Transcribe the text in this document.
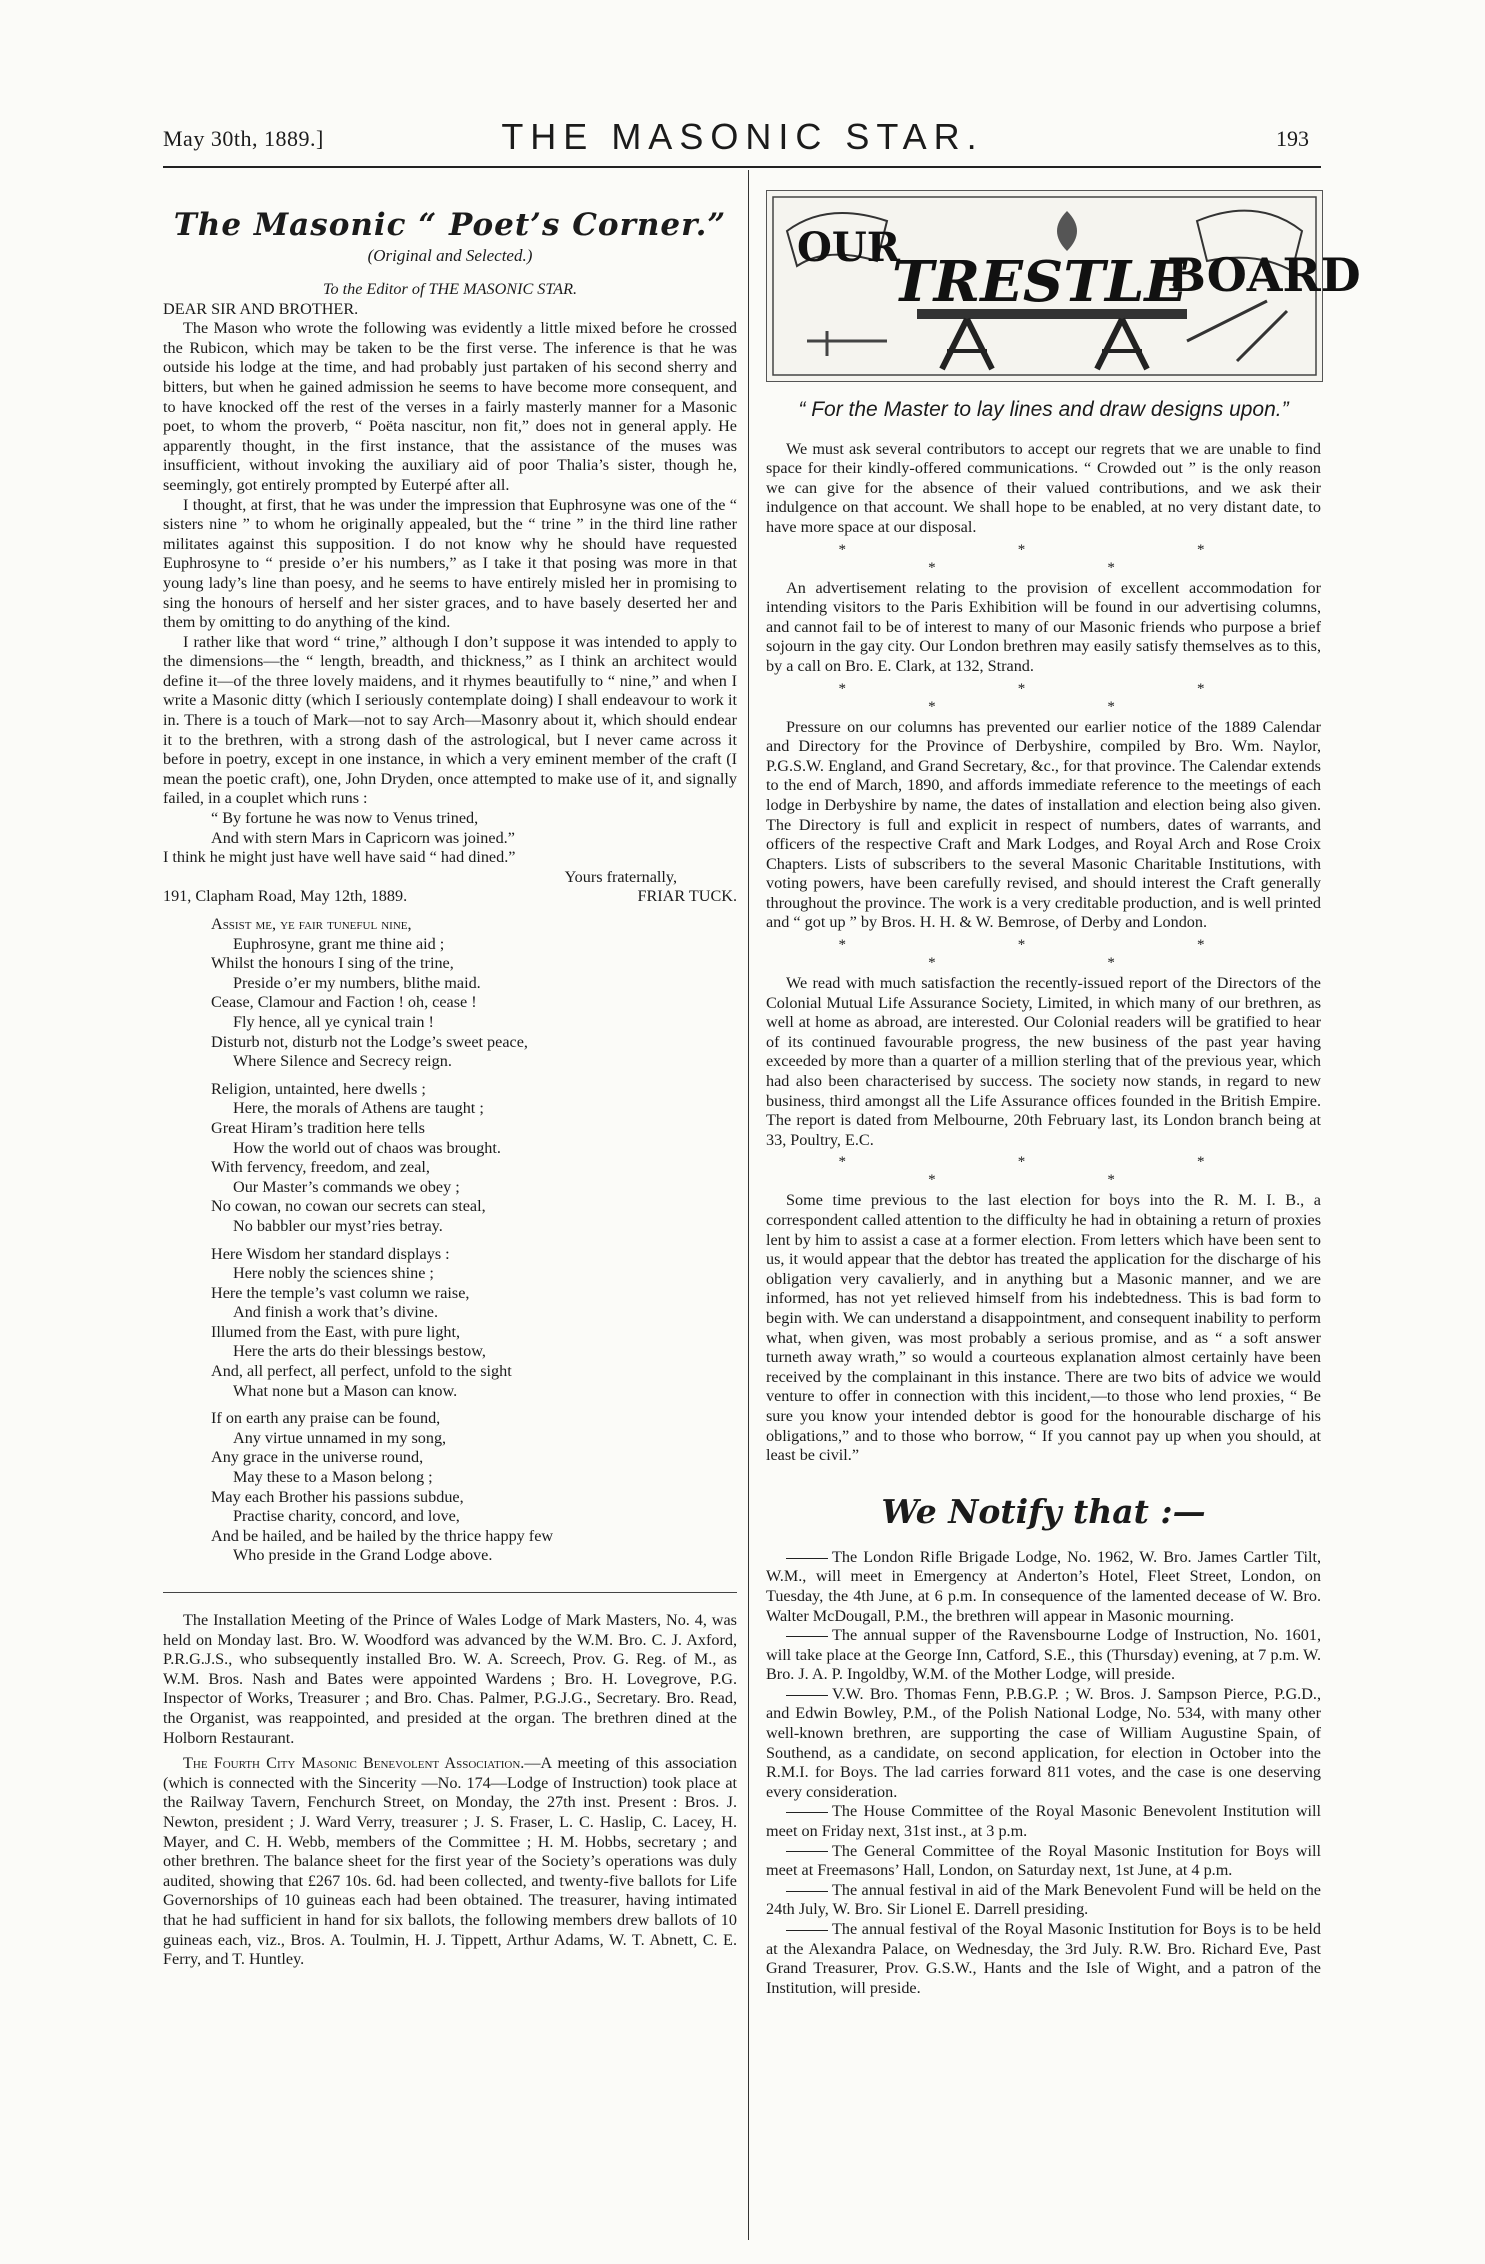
May 30th, 1889.]	THE MASONIC STAR.	193
The Masonic “ Poet’s Corner.”
(Original and Selected.)

To the Editor of THE MASONIC STAR.

DEAR SIR AND BROTHER.

The Mason who wrote the following was evidently a little mixed before he crossed the Rubicon, which may be taken to be the first verse. The inference is that he was outside his lodge at the time, and had probably just partaken of his second sherry and bitters, but when he gained admission he seems to have become more consequent, and to have knocked off the rest of the verses in a fairly masterly manner for a Masonic poet, to whom the proverb, “ Poëta nascitur, non fit,” does not in general apply. He apparently thought, in the first instance, that the assistance of the muses was insufficient, without invoking the auxiliary aid of poor Thalia’s sister, though he, seemingly, got entirely prompted by Euterpé after all.

I thought, at first, that he was under the impression that Euphrosyne was one of the “ sisters nine ” to whom he originally appealed, but the “ trine ” in the third line rather militates against this supposition. I do not know why he should have requested Euphrosyne to “ preside o’er his numbers,” as I take it that posing was more in that young lady’s line than poesy, and he seems to have entirely misled her in promising to sing the honours of herself and her sister graces, and to have basely deserted her and them by omitting to do anything of the kind.

I rather like that word “ trine,” although I don’t suppose it was intended to apply to the dimensions—the “ length, breadth, and thickness,” as I think an architect would define it—of the three lovely maidens, and it rhymes beautifully to “ nine,” and when I write a Masonic ditty (which I seriously contemplate doing) I shall endeavour to work it in. There is a touch of Mark—not to say Arch—Masonry about it, which should endear it to the brethren, with a strong dash of the astrological, but I never came across it before in poetry, except in one instance, in which a very eminent member of the craft (I mean the poetic craft), one, John Dryden, once attempted to make use of it, and signally failed, in a couplet which runs :

“ By fortune he was now to Venus trined,

And with stern Mars in Capricorn was joined.”

I think he might just have well have said “ had dined.”

Yours fraternally,

191, Clapham Road, May 12th, 1889.	FRIAR TUCK.

Assist me, ye fair tuneful nine,

Euphrosyne, grant me thine aid ;

Whilst the honours I sing of the trine,

Preside o’er my numbers, blithe maid.

Cease, Clamour and Faction ! oh, cease !

Fly hence, all ye cynical train !

Disturb not, disturb not the Lodge’s sweet peace,

Where Silence and Secrecy reign.

Religion, untainted, here dwells ;

Here, the morals of Athens are taught ;

Great Hiram’s tradition here tells

How the world out of chaos was brought.

With fervency, freedom, and zeal,

Our Master’s commands we obey ;

No cowan, no cowan our secrets can steal,

No babbler our myst’ries betray.

Here Wisdom her standard displays :

Here nobly the sciences shine ;

Here the temple’s vast column we raise,

And finish a work that’s divine.

Illumed from the East, with pure light,

Here the arts do their blessings bestow,

And, all perfect, all perfect, unfold to the sight

What none but a Mason can know.

If on earth any praise can be found,

Any virtue unnamed in my song,

Any grace in the universe round,

May these to a Mason belong ;

May each Brother his passions subdue,

Practise charity, concord, and love,

And be hailed, and be hailed by the thrice happy few

Who preside in the Grand Lodge above.

The Installation Meeting of the Prince of Wales Lodge of Mark Masters, No. 4, was held on Monday last. Bro. W. Woodford was advanced by the W.M. Bro. C. J. Axford, P.R.G.J.S., who subsequently installed Bro. W. A. Screech, Prov. G. Reg. of M., as W.M. Bros. Nash and Bates were appointed Wardens ; Bro. H. Lovegrove, P.G. Inspector of Works, Treasurer ; and Bro. Chas. Palmer, P.G.J.G., Secretary. Bro. Read, the Organist, was reappointed, and presided at the organ. The brethren dined at the Holborn Restaurant.

The Fourth City Masonic Benevolent Association.—A meeting of this association (which is connected with the Sincerity —No. 174—Lodge of Instruction) took place at the Railway Tavern, Fenchurch Street, on Monday, the 27th inst. Present : Bros. J. Newton, president ; J. Ward Verry, treasurer ; J. S. Fraser, L. C. Haslip, C. Lacey, H. Mayer, and C. H. Webb, members of the Committee ; H. M. Hobbs, secretary ; and other brethren. The balance sheet for the first year of the Society’s operations was duly audited, showing that £267 10s. 6d. had been collected, and twenty-five ballots for Life Governorships of 10 guineas each had been obtained. The treasurer, having intimated that he had sufficient in hand for six ballots, the following members drew ballots of 10 guineas each, viz., Bros. A. Toulmin, H. J. Tippett, Arthur Adams, W. T. Abnett, C. E. Ferry, and T. Huntley.

OUR
TRESTLE
BOARD
“ For the Master to lay lines and draw designs upon.”

We must ask several contributors to accept our regrets that we are unable to find space for their kindly-offered communications. “ Crowded out ” is the only reason we can give for the absence of their valued contributions, and we ask their indulgence on that account. We shall hope to be enabled, at no very distant date, to have more space at our disposal.

* * * * *

An advertisement relating to the provision of excellent accommodation for intending visitors to the Paris Exhibition will be found in our advertising columns, and cannot fail to be of interest to many of our Masonic friends who purpose a brief sojourn in the gay city. Our London brethren may easily satisfy themselves as to this, by a call on Bro. E. Clark, at 132, Strand.

* * * * *

Pressure on our columns has prevented our earlier notice of the 1889 Calendar and Directory for the Province of Derbyshire, compiled by Bro. Wm. Naylor, P.G.S.W. England, and Grand Secretary, &c., for that province. The Calendar extends to the end of March, 1890, and affords immediate reference to the meetings of each lodge in Derbyshire by name, the dates of installation and election being also given. The Directory is full and explicit in respect of numbers, dates of warrants, and officers of the respective Craft and Mark Lodges, and Royal Arch and Rose Croix Chapters. Lists of subscribers to the several Masonic Charitable Institutions, with voting powers, have been carefully revised, and should interest the Craft generally throughout the province. The work is a very creditable production, and is well printed and “ got up ” by Bros. H. H. & W. Bemrose, of Derby and London.

* * * * *

We read with much satisfaction the recently-issued report of the Directors of the Colonial Mutual Life Assurance Society, Limited, in which many of our brethren, as well at home as abroad, are interested. Our Colonial readers will be gratified to hear of its continued favourable progress, the new business of the past year having exceeded by more than a quarter of a million sterling that of the previous year, which had also been characterised by success. The society now stands, in regard to new business, third amongst all the Life Assurance offices founded in the British Empire. The report is dated from Melbourne, 20th February last, its London branch being at 33, Poultry, E.C.

* * * * *

Some time previous to the last election for boys into the R. M. I. B., a correspondent called attention to the difficulty he had in obtaining a return of proxies lent by him to assist a case at a former election. From letters which have been sent to us, it would appear that the debtor has treated the application for the discharge of his obligation very cavalierly, and in anything but a Masonic manner, and we are informed, has not yet relieved himself from his indebtedness. This is bad form to begin with. We can understand a disappointment, and consequent inability to perform what, when given, was most probably a serious promise, and as “ a soft answer turneth away wrath,” so would a courteous explanation almost certainly have been received by the complainant in this instance. There are two bits of advice we would venture to offer in connection with this incident,—to those who lend proxies, “ Be sure you know your intended debtor is good for the honourable discharge of his obligations,” and to those who borrow, “ If you cannot pay up when you should, at least be civil.”

We Notify that :—

The London Rifle Brigade Lodge, No. 1962, W. Bro. James Cartler Tilt, W.M., will meet in Emergency at Anderton’s Hotel, Fleet Street, London, on Tuesday, the 4th June, at 6 p.m. In consequence of the lamented decease of W. Bro. Walter McDougall, P.M., the brethren will appear in Masonic mourning.

The annual supper of the Ravensbourne Lodge of Instruction, No. 1601, will take place at the George Inn, Catford, S.E., this (Thursday) evening, at 7 p.m. W. Bro. J. A. P. Ingoldby, W.M. of the Mother Lodge, will preside.

V.W. Bro. Thomas Fenn, P.B.G.P. ; W. Bros. J. Sampson Pierce, P.G.D., and Edwin Bowley, P.M., of the Polish National Lodge, No. 534, with many other well-known brethren, are supporting the case of William Augustine Spain, of Southend, as a candidate, on second application, for election in October into the R.M.I. for Boys. The lad carries forward 811 votes, and the case is one deserving every consideration.

The House Committee of the Royal Masonic Benevolent Institution will meet on Friday next, 31st inst., at 3 p.m.

The General Committee of the Royal Masonic Institution for Boys will meet at Freemasons’ Hall, London, on Saturday next, 1st June, at 4 p.m.

The annual festival in aid of the Mark Benevolent Fund will be held on the 24th July, W. Bro. Sir Lionel E. Darrell presiding.

The annual festival of the Royal Masonic Institution for Boys is to be held at the Alexandra Palace, on Wednesday, the 3rd July. R.W. Bro. Richard Eve, Past Grand Treasurer, Prov. G.S.W., Hants and the Isle of Wight, and a patron of the Institution, will preside.
